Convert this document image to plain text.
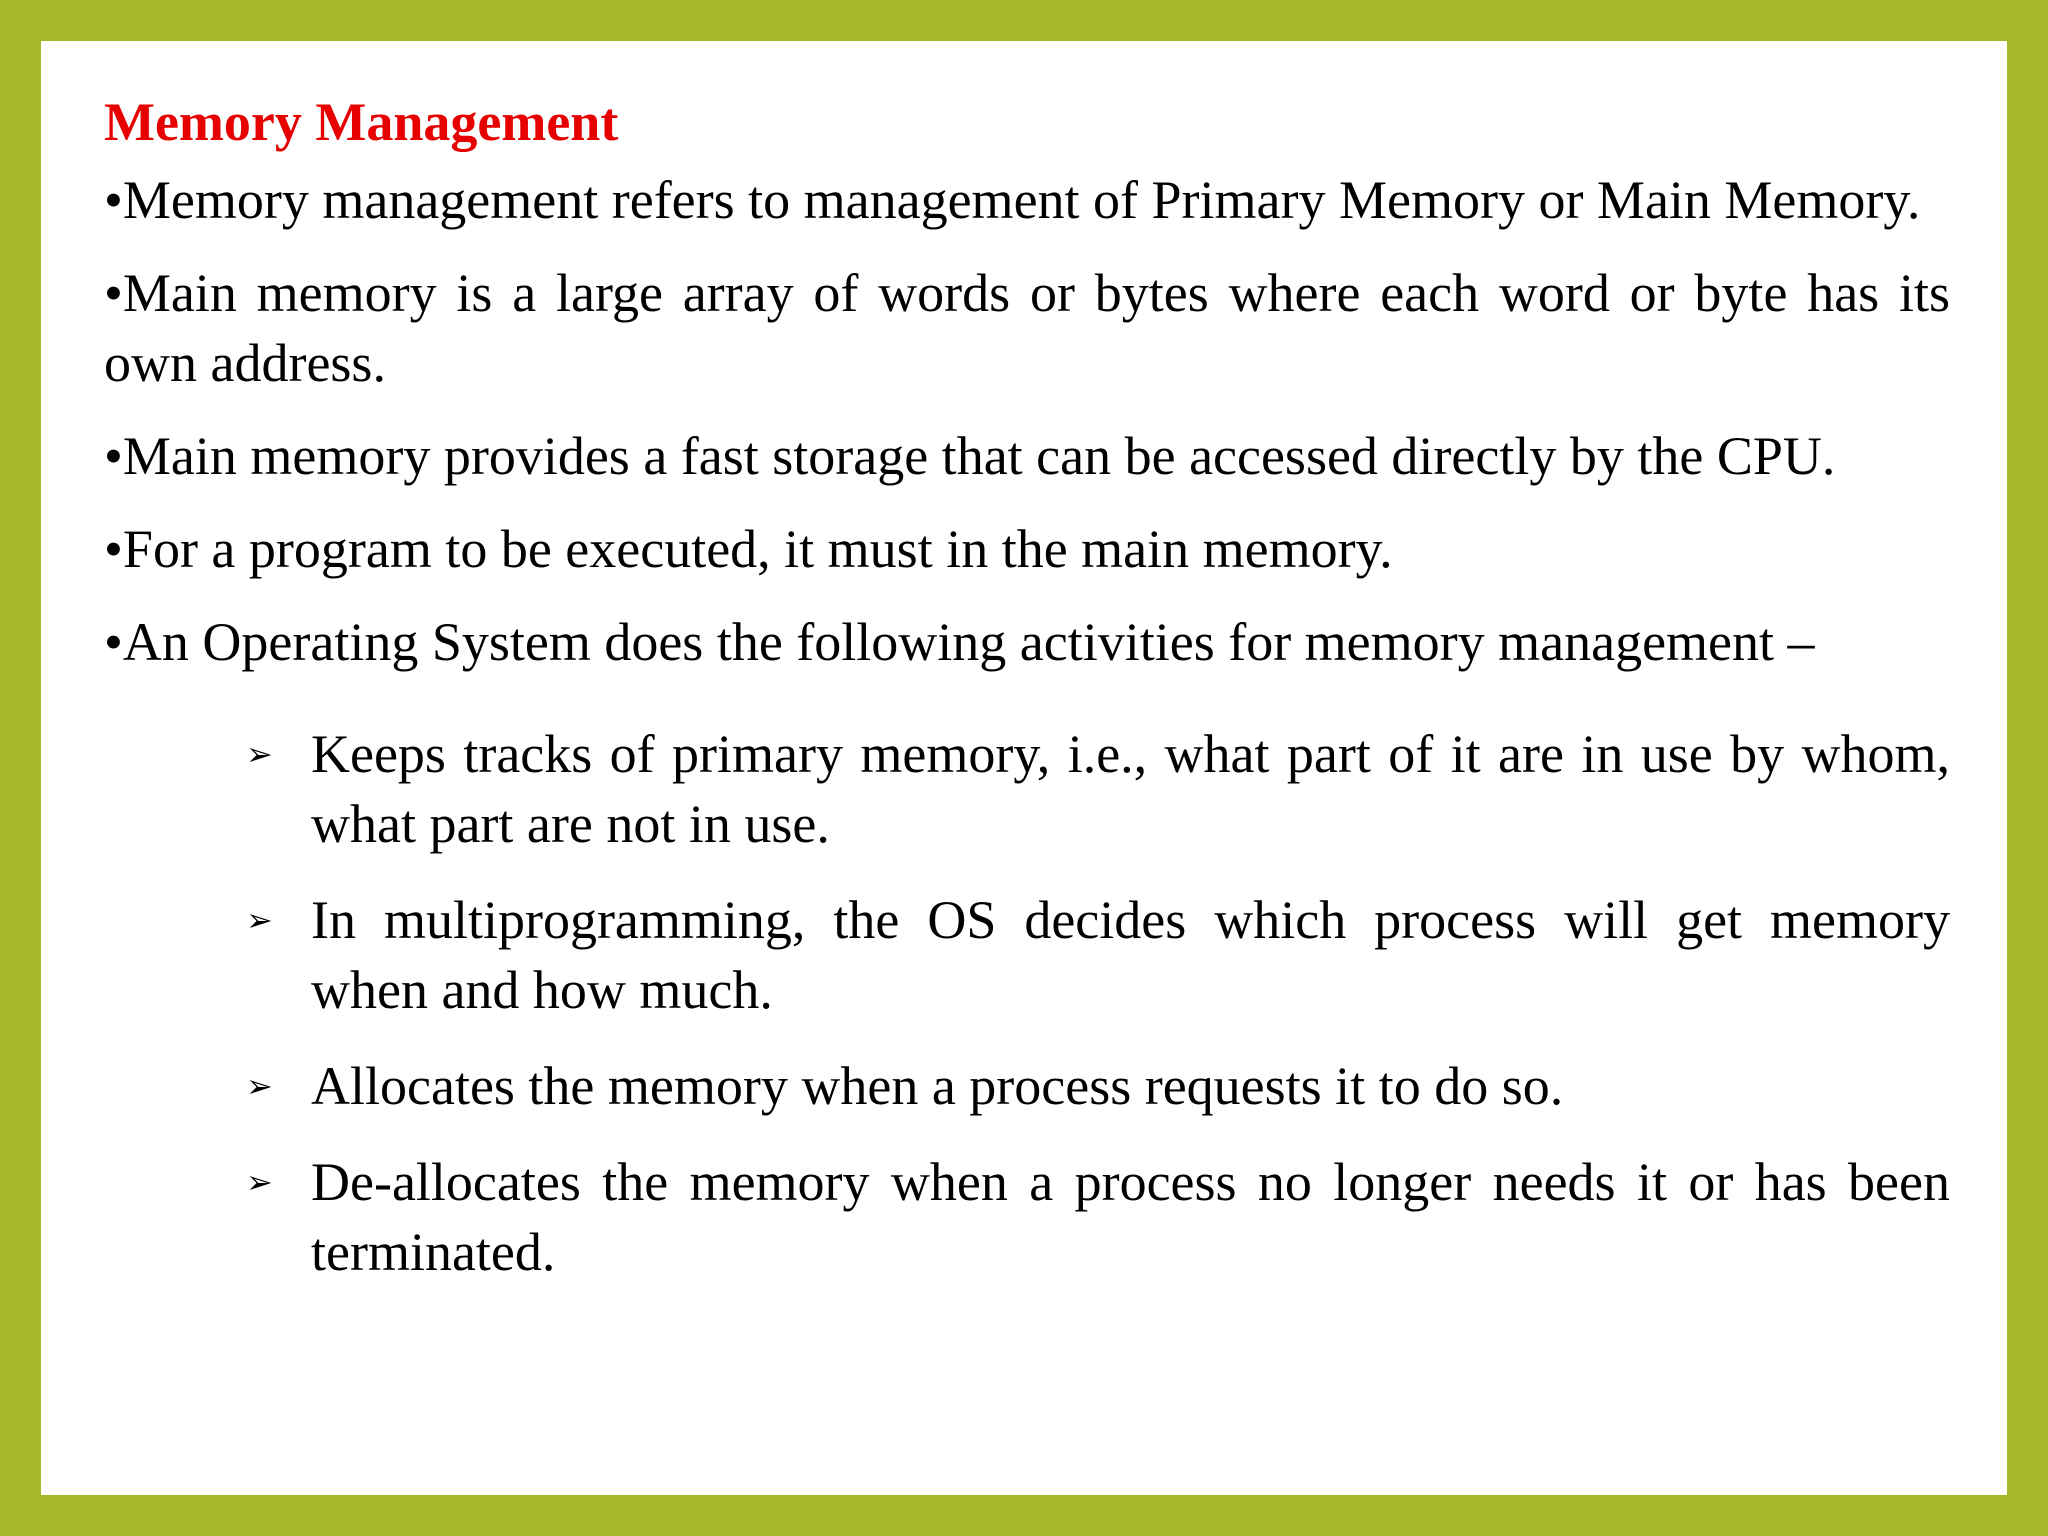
Memory Management
•Memory management refers to management of Primary Memory or Main Memory.
•Main memory is a large array of words or bytes where each word or byte has its own address.
•Main memory provides a fast storage that can be accessed directly by the CPU.
•For a program to be executed, it must in the main memory.
•An Operating System does the following activities for memory management –
➢ Keeps tracks of primary memory, i.e., what part of it are in use by whom, what part are not in use.
➢ In multiprogramming, the OS decides which process will get memory when and how much.
➢ Allocates the memory when a process requests it to do so.
➢ De-allocates the memory when a process no longer needs it or has been terminated.
